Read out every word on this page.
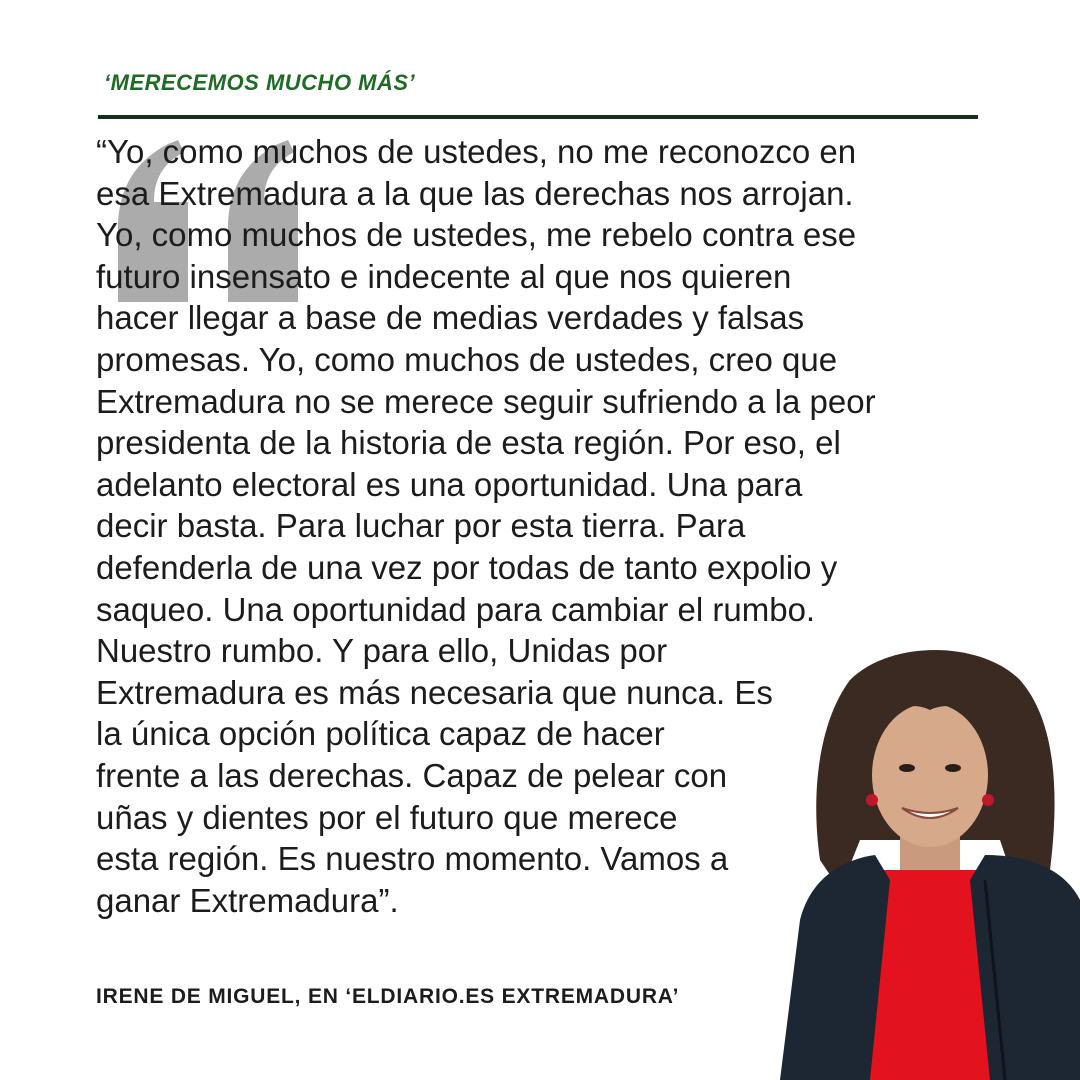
‘MERECEMOS MUCHO MÁS’
“Yo, como muchos de ustedes, no me reconozco en
esa Extremadura a la que las derechas nos arrojan.
Yo, como muchos de ustedes, me rebelo contra ese
futuro insensato e indecente al que nos quieren
hacer llegar a base de medias verdades y falsas
promesas. Yo, como muchos de ustedes, creo que
Extremadura no se merece seguir sufriendo a la peor
presidenta de la historia de esta región. Por eso, el
adelanto electoral es una oportunidad. Una para
decir basta. Para luchar por esta tierra. Para
defenderla de una vez por todas de tanto expolio y
saqueo. Una oportunidad para cambiar el rumbo.
Nuestro rumbo. Y para ello, Unidas por
Extremadura es más necesaria que nunca. Es
la única opción política capaz de hacer
frente a las derechas. Capaz de pelear con
uñas y dientes por el futuro que merece
esta región. Es nuestro momento. Vamos a
ganar Extremadura”.
IRENE DE MIGUEL, EN ‘ELDIARIO.ES EXTREMADURA’
